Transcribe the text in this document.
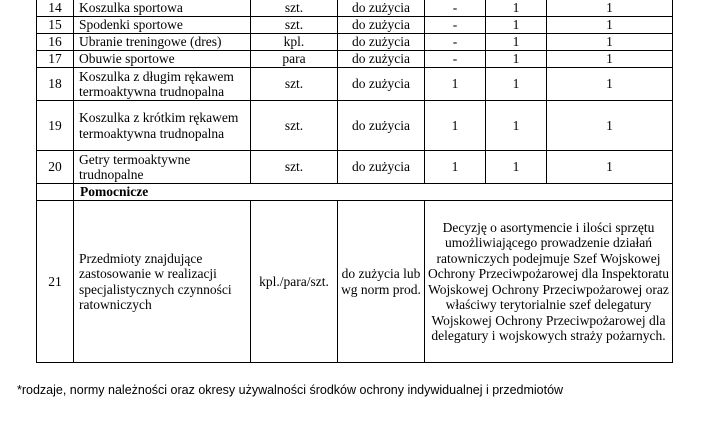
14	Koszulka sportowa	szt.	do zużycia	-	1	1
15	Spodenki sportowe	szt.	do zużycia	-	1	1
16	Ubranie treningowe (dres)	kpl.	do zużycia	-	1	1
17	Obuwie sportowe	para	do zużycia	-	1	1
18	Koszulka z długim rękawem termoaktywna trudnopalna	szt.	do zużycia	1	1	1
19	Koszulka z krótkim rękawem termoaktywna trudnopalna	szt.	do zużycia	1	1	1
20	Getry termoaktywne trudnopalne	szt.	do zużycia	1	1	1
	Pomocnicze					
21	Przedmioty znajdujące zastosowanie w realizacji specjalistycznych czynności ratowniczych	kpl./para/szt.	do zużycia lub wg norm prod.	Decyzję o asortymencie i ilości sprzętu umożliwiającego prowadzenie działań ratowniczych podejmuje Szef Wojskowej Ochrony Przeciwpożarowej dla Inspektoratu Wojskowej Ochrony Przeciwpożarowej oraz właściwy terytorialnie szef delegatury Wojskowej Ochrony Przeciwpożarowej dla delegatury i wojskowych straży pożarnych.		
*rodzaje, normy należności oraz okresy używalności środków ochrony indywidualnej i przedmiotów
